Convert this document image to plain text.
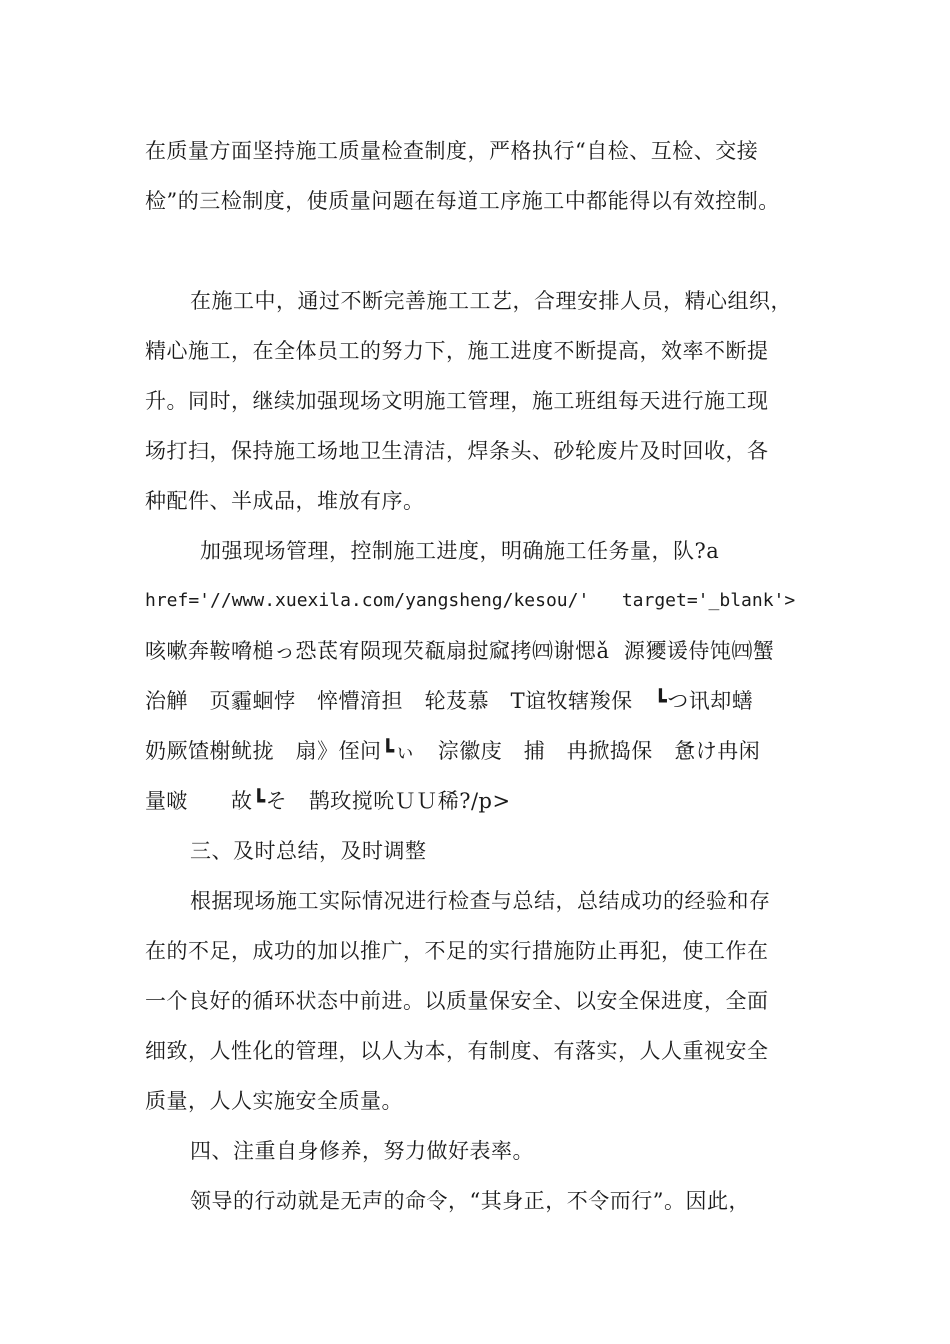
在质量方面坚持施工质量检查制度，严格执行“自检、互检、交接
检”的三检制度，使质量问题在每道工序施工中都能得以有效控制。
在施工中，通过不断完善施工工艺，合理安排人员，精心组织，
精心施工，在全体员工的努力下，施工进度不断提高，效率不断提
升。同时，继续加强现场文明施工管理，施工班组每天进行施工现
场打扫，保持施工场地卫生清洁，焊条头、砂轮废片及时回收，各
种配件、半成品，堆放有序。
加强现场管理，控制施工进度，明确施工任务量，队?a
href='//www.xuexila.com/yangsheng/kesou/'   target='_blank'>
咳嗽奔鞍嗋槌っ恐茋宥陨现芡瓻扇挝窳拷㈣谢愢ǎ  源獿谖侍饨㈣蟹
治觯   页霾蛔悖   悴懵湇担   轮芨慕   T谊牧辖羧保   ┗つ讯却蟮
奶厥馇榭鱿拢   扇》侄问┗ぃ   淙徽庋   捕   冉掀捣保   惫け冉闲
量啵      故┗そ   鹊玫搅吮ＵＵ稀?/p>
三、及时总结，及时调整
根据现场施工实际情况进行检查与总结，总结成功的经验和存
在的不足，成功的加以推广，不足的实行措施防止再犯，使工作在
一个良好的循环状态中前进。以质量保安全、以安全保进度，全面
细致，人性化的管理，以人为本，有制度、有落实，人人重视安全
质量，人人实施安全质量。
四、注重自身修养，努力做好表率。
领导的行动就是无声的命令，“其身正，不令而行”。因此，
